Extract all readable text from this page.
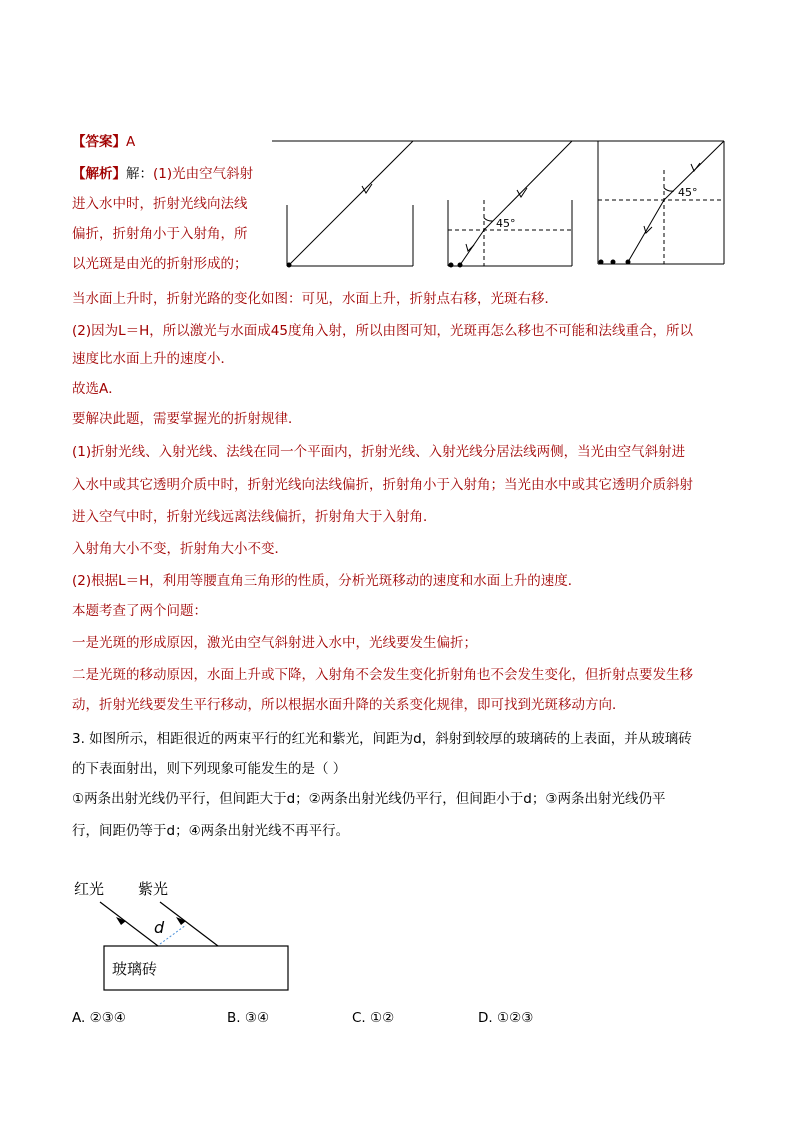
【答案】A
【解析】解：(1)光由空气斜射
进入水中时，折射光线向法线
偏折，折射角小于入射角，所
以光斑是由光的折射形成的；
45°
45°
当水面上升时，折射光路的变化如图：可见，水面上升，折射点右移，光斑右移．
(2)因为L＝H，所以激光与水面成45度角入射，所以由图可知，光斑再怎么移也不可能和法线重合，所以
速度比水面上升的速度小．
故选A．
要解决此题，需要掌握光的折射规律．
(1)折射光线、入射光线、法线在同一个平面内，折射光线、入射光线分居法线两侧，当光由空气斜射进
入水中或其它透明介质中时，折射光线向法线偏折，折射角小于入射角；当光由水中或其它透明介质斜射
进入空气中时，折射光线远离法线偏折，折射角大于入射角．
入射角大小不变，折射角大小不变．
(2)根据L＝H，利用等腰直角三角形的性质，分析光斑移动的速度和水面上升的速度．
本题考查了两个问题：
一是光斑的形成原因，激光由空气斜射进入水中，光线要发生偏折；
二是光斑的移动原因，水面上升或下降，入射角不会发生变化折射角也不会发生变化，但折射点要发生移
动，折射光线要发生平行移动，所以根据水面升降的关系变化规律，即可找到光斑移动方向．
3. 如图所示，相距很近的两束平行的红光和紫光，间距为d，斜射到较厚的玻璃砖的上表面，并从玻璃砖
的下表面射出，则下列现象可能发生的是（ ）
①两条出射光线仍平行，但间距大于d；②两条出射光线仍平行，但间距小于d；③两条出射光线仍平
行，间距仍等于d；④两条出射光线不再平行。
红光 紫光
d
玻璃砖
A. ②③④	B. ③④	C. ①②	D. ①②③
